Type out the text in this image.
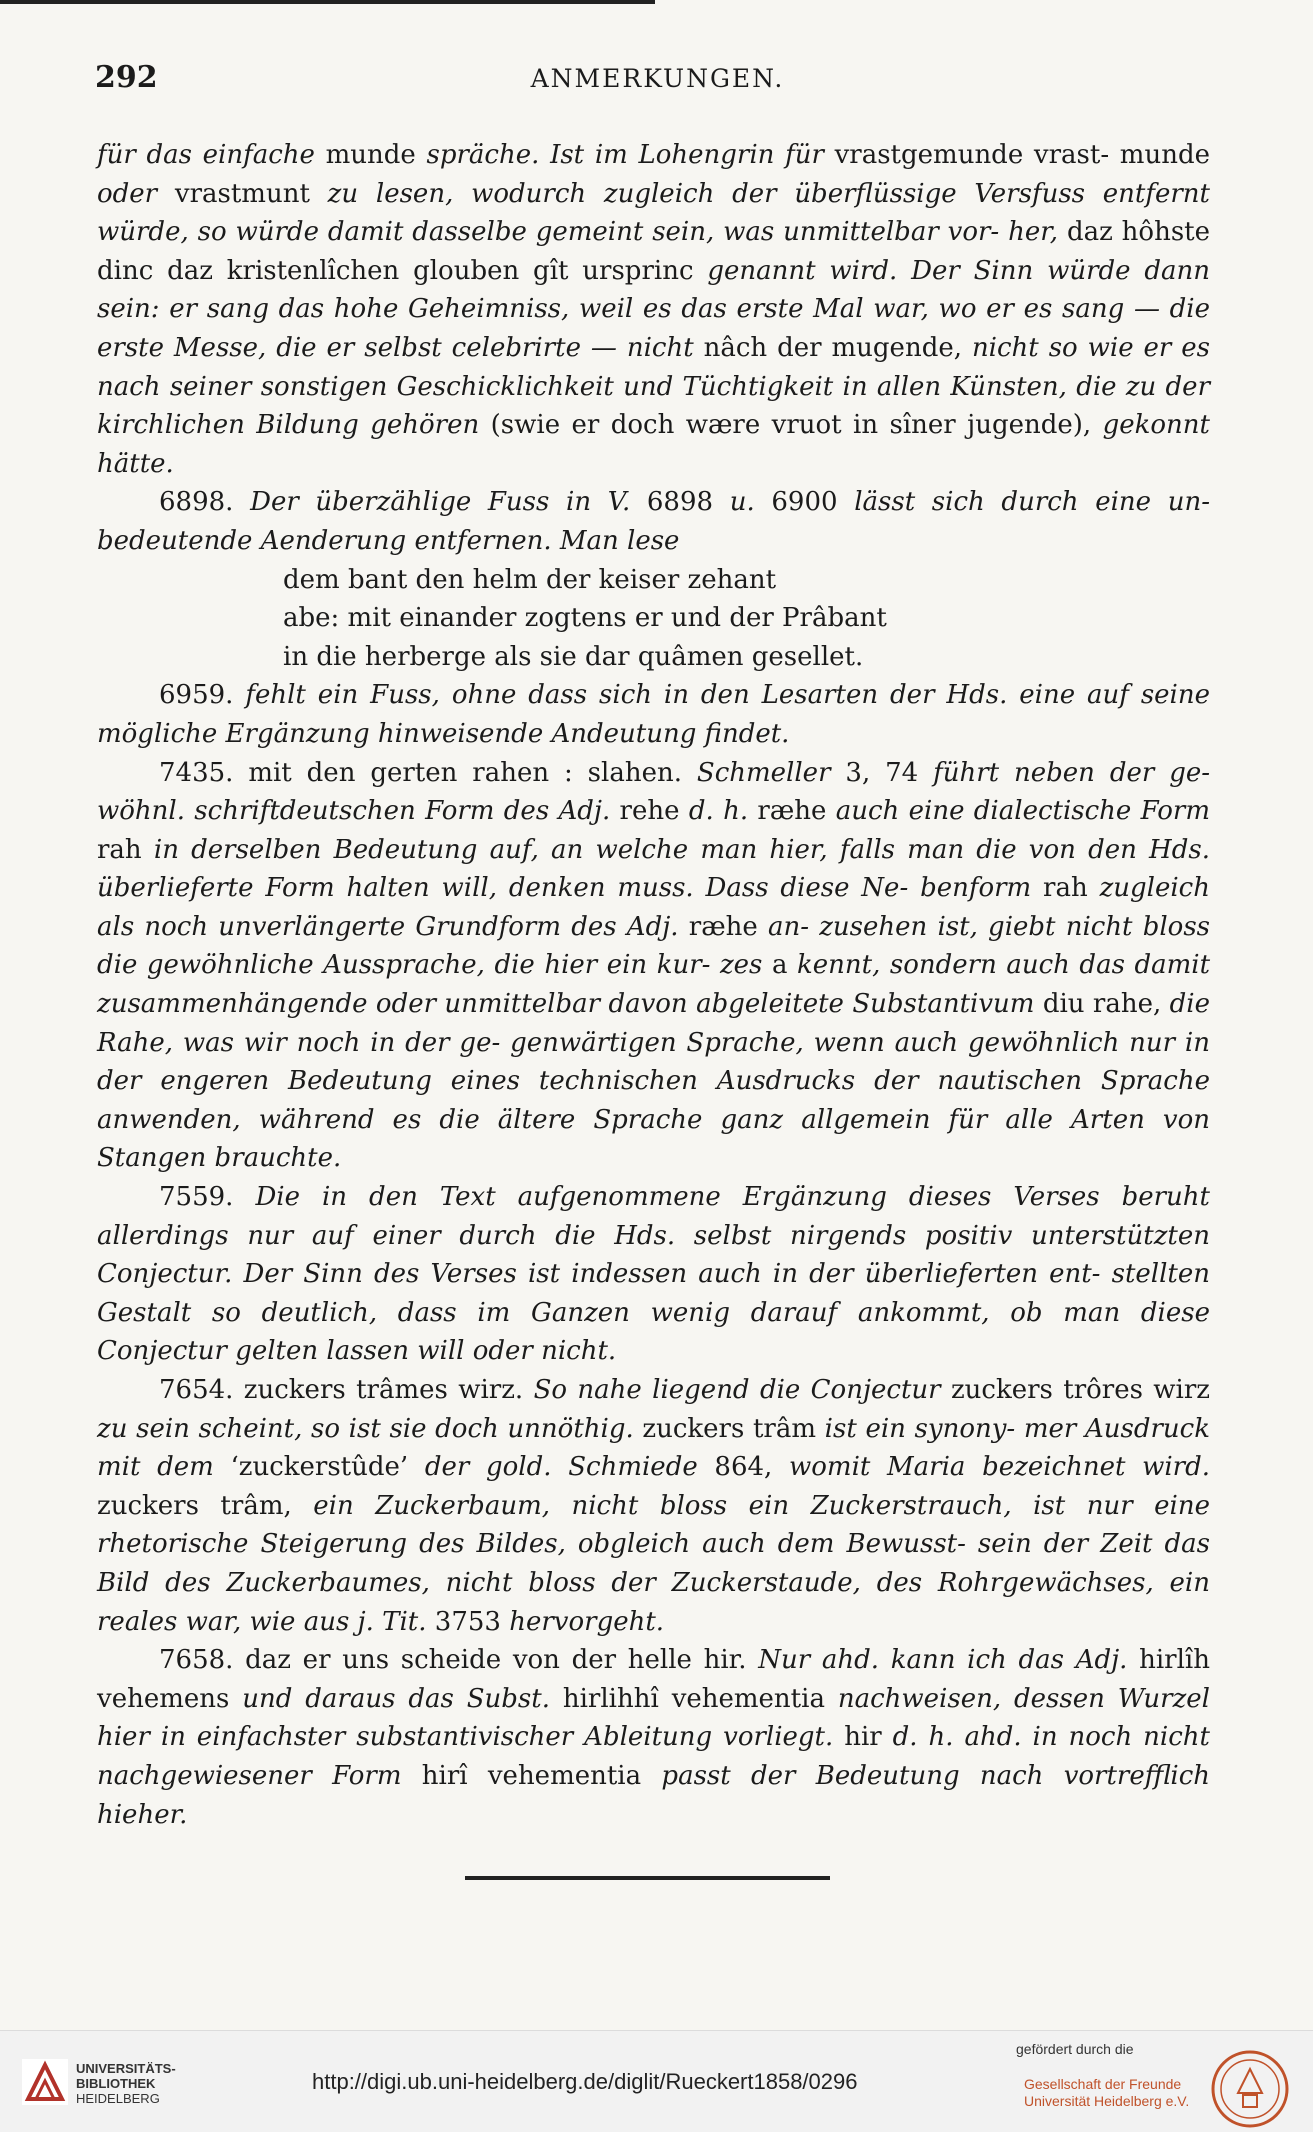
292	ANMERKUNGEN.

für das einfache munde spräche. Ist im Lohengrin für vrastgemunde vrast- munde oder vrastmunt zu lesen, wodurch zugleich der überflüssige Versfuss entfernt würde, so würde damit dasselbe gemeint sein, was unmittelbar vor- her, daz hôhste dinc daz kristenlîchen glouben gît ursprinc genannt wird. Der Sinn würde dann sein: er sang das hohe Geheimniss, weil es das erste Mal war, wo er es sang — die erste Messe, die er selbst celebrirte — nicht nâch der mugende, nicht so wie er es nach seiner sonstigen Geschicklichkeit und Tüchtigkeit in allen Künsten, die zu der kirchlichen Bildung gehören (swie er doch wære vruot in sîner jugende), gekonnt hätte.

6898. Der überzählige Fuss in V. 6898 u. 6900 lässt sich durch eine un- bedeutende Aenderung entfernen. Man lese

dem bant den helm der keiser zehant
abe: mit einander zogtens er und der Prâbant
in die herberge als sie dar quâmen gesellet.

6959. fehlt ein Fuss, ohne dass sich in den Lesarten der Hds. eine auf seine mögliche Ergänzung hinweisende Andeutung findet.

7435. mit den gerten rahen : slahen. Schmeller 3, 74 führt neben der ge- wöhnl. schriftdeutschen Form des Adj. rehe d. h. ræhe auch eine dialectische Form rah in derselben Bedeutung auf, an welche man hier, falls man die von den Hds. überlieferte Form halten will, denken muss. Dass diese Ne- benform rah zugleich als noch unverlängerte Grundform des Adj. ræhe an- zusehen ist, giebt nicht bloss die gewöhnliche Aussprache, die hier ein kur- zes a kennt, sondern auch das damit zusammenhängende oder unmittelbar davon abgeleitete Substantivum diu rahe, die Rahe, was wir noch in der ge- genwärtigen Sprache, wenn auch gewöhnlich nur in der engeren Bedeutung eines technischen Ausdrucks der nautischen Sprache anwenden, während es die ältere Sprache ganz allgemein für alle Arten von Stangen brauchte.

7559. Die in den Text aufgenommene Ergänzung dieses Verses beruht allerdings nur auf einer durch die Hds. selbst nirgends positiv unterstützten Conjectur. Der Sinn des Verses ist indessen auch in der überlieferten ent- stellten Gestalt so deutlich, dass im Ganzen wenig darauf ankommt, ob man diese Conjectur gelten lassen will oder nicht.

7654. zuckers trâmes wirz. So nahe liegend die Conjectur zuckers trôres wirz zu sein scheint, so ist sie doch unnöthig. zuckers trâm ist ein synony- mer Ausdruck mit dem ‘zuckerstûde’ der gold. Schmiede 864, womit Maria bezeichnet wird. zuckers trâm, ein Zuckerbaum, nicht bloss ein Zuckerstrauch, ist nur eine rhetorische Steigerung des Bildes, obgleich auch dem Bewusst- sein der Zeit das Bild des Zuckerbaumes, nicht bloss der Zuckerstaude, des Rohrgewächses, ein reales war, wie aus j. Tit. 3753 hervorgeht.

7658. daz er uns scheide von der helle hir. Nur ahd. kann ich das Adj. hirlîh vehemens und daraus das Subst. hirlihhî vehementia nachweisen, dessen Wurzel hier in einfachster substantivischer Ableitung vorliegt. hir d. h. ahd. in noch nicht nachgewiesener Form hirî vehementia passt der Bedeutung nach vortrefflich hieher.

UNIVERSITÄTS-
BIBLIOTHEK
HEIDELBERG
http://digi.ub.uni-heidelberg.de/diglit/Rueckert1858/0296
gefördert durch die
Gesellschaft der Freunde
Universität Heidelberg e.V.
